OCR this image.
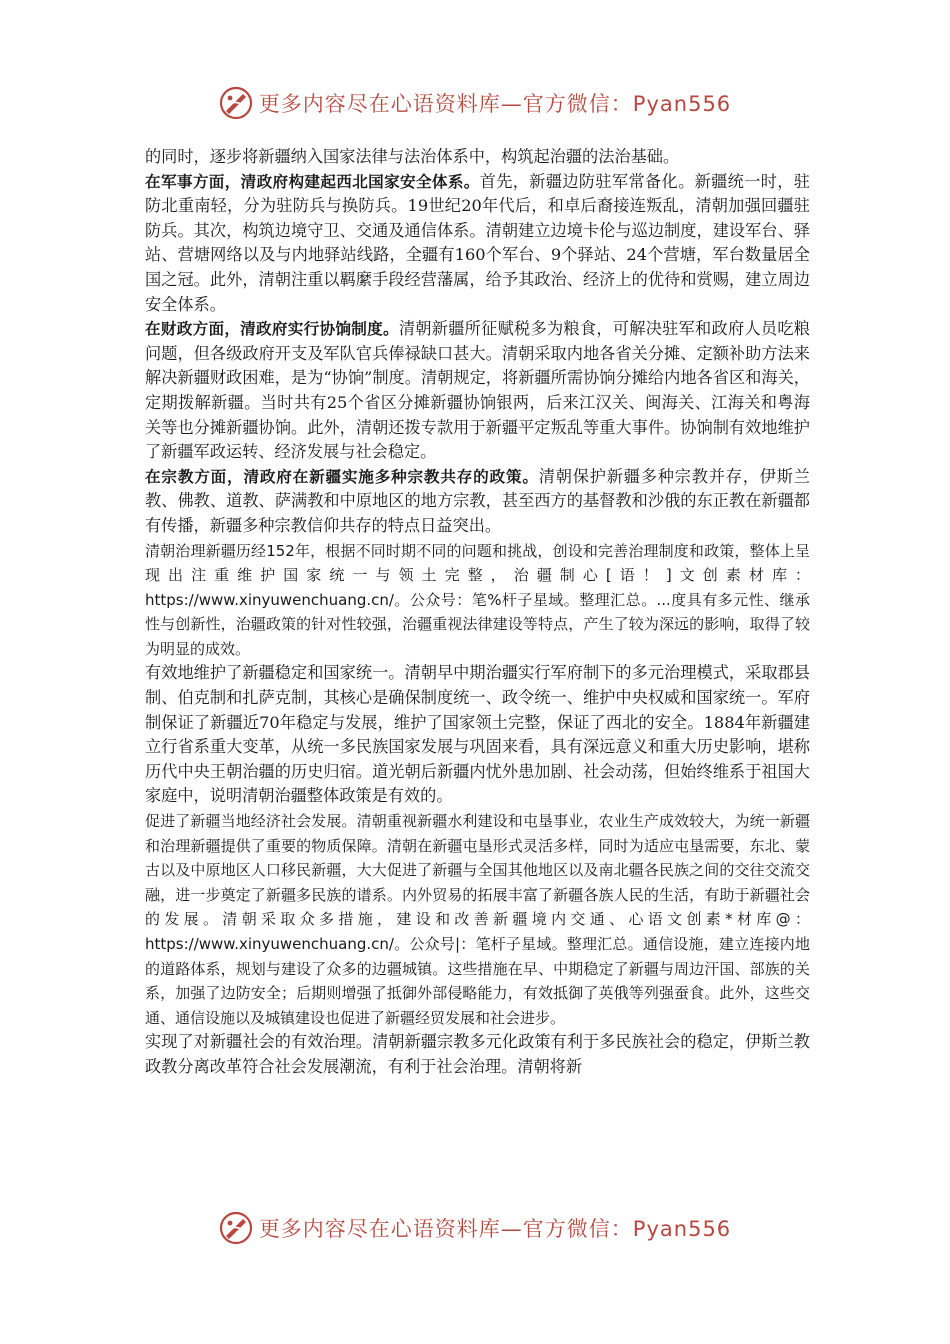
更多内容尽在心语资料库—官方微信：Pyan556

的同时，逐步将新疆纳入国家法律与法治体系中，构筑起治疆的法治基础。

在军事方面，清政府构建起西北国家安全体系。首先，新疆边防驻军常备化。新疆统一时，驻防北重南轻，分为驻防兵与换防兵。19世纪20年代后，和卓后裔接连叛乱，清朝加强回疆驻防兵。其次，构筑边境守卫、交通及通信体系。清朝建立边境卡伦与巡边制度，建设军台、驿站、营塘网络以及与内地驿站线路，全疆有160个军台、9个驿站、24个营塘，军台数量居全国之冠。此外，清朝注重以羁縻手段经营藩属，给予其政治、经济上的优待和赏赐，建立周边安全体系。

在财政方面，清政府实行协饷制度。清朝新疆所征赋税多为粮食，可解决驻军和政府人员吃粮问题，但各级政府开支及军队官兵俸禄缺口甚大。清朝采取内地各省关分摊、定额补助方法来解决新疆财政困难，是为“协饷”制度。清朝规定，将新疆所需协饷分摊给内地各省区和海关，定期拨解新疆。当时共有25个省区分摊新疆协饷银两，后来江汉关、闽海关、江海关和粤海关等也分摊新疆协饷。此外，清朝还拨专款用于新疆平定叛乱等重大事件。协饷制有效地维护了新疆军政运转、经济发展与社会稳定。

在宗教方面，清政府在新疆实施多种宗教共存的政策。清朝保护新疆多种宗教并存，伊斯兰教、佛教、道教、萨满教和中原地区的地方宗教，甚至西方的基督教和沙俄的东正教在新疆都有传播，新疆多种宗教信仰共存的特点日益突出。

清朝治理新疆历经152年，根据不同时期不同的问题和挑战，创设和完善治理制度和政策，整体上呈现出注重维护国家统一与领土完整，治疆制心[语！]文创素材库：https://www.xinyuwenchuang.cn/。公众号：笔%杆子星域。整理汇总。...度具有多元性、继承性与创新性，治疆政策的针对性较强，治疆重视法律建设等特点，产生了较为深远的影响，取得了较为明显的成效。

有效地维护了新疆稳定和国家统一。清朝早中期治疆实行军府制下的多元治理模式，采取郡县制、伯克制和扎萨克制，其核心是确保制度统一、政令统一、维护中央权威和国家统一。军府制保证了新疆近70年稳定与发展，维护了国家领土完整，保证了西北的安全。1884年新疆建立行省系重大变革，从统一多民族国家发展与巩固来看，具有深远意义和重大历史影响，堪称历代中央王朝治疆的历史归宿。道光朝后新疆内忧外患加剧、社会动荡，但始终维系于祖国大家庭中，说明清朝治疆整体政策是有效的。

促进了新疆当地经济社会发展。清朝重视新疆水利建设和屯垦事业，农业生产成效较大，为统一新疆和治理新疆提供了重要的物质保障。清朝在新疆屯垦形式灵活多样，同时为适应屯垦需要，东北、蒙古以及中原地区人口移民新疆，大大促进了新疆与全国其他地区以及南北疆各民族之间的交往交流交融，进一步奠定了新疆多民族的谱系。内外贸易的拓展丰富了新疆各族人民的生活，有助于新疆社会的发展。清朝采取众多措施，建设和改善新疆境内交通、心语文创素*材库@：https://www.xinyuwenchuang.cn/。公众号|：笔杆子星域。整理汇总。通信设施，建立连接内地的道路体系，规划与建设了众多的边疆城镇。这些措施在早、中期稳定了新疆与周边汗国、部族的关系，加强了边防安全；后期则增强了抵御外部侵略能力，有效抵御了英俄等列强蚕食。此外，这些交通、通信设施以及城镇建设也促进了新疆经贸发展和社会进步。

实现了对新疆社会的有效治理。清朝新疆宗教多元化政策有利于多民族社会的稳定，伊斯兰教政教分离改革符合社会发展潮流，有利于社会治理。清朝将新

更多内容尽在心语资料库—官方微信：Pyan556
